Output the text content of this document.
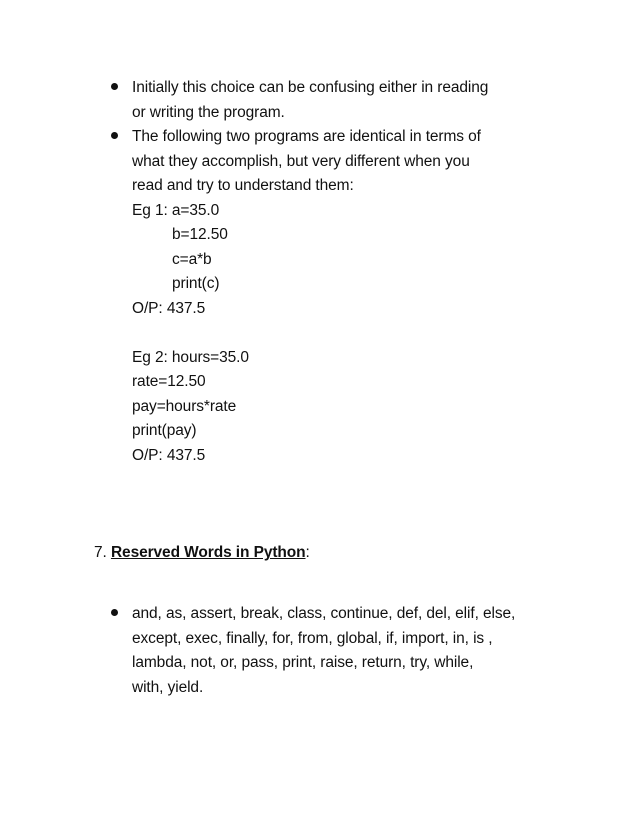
Initially this choice can be confusing either in reading
or writing the program.
The following two programs are identical in terms of
what they accomplish, but very different when you
read and try to understand them:
Eg 1: a=35.0
b=12.50
c=a*b
print(c)
O/P: 437.5
Eg 2: hours=35.0
rate=12.50
pay=hours*rate
print(pay)
O/P: 437.5
7. Reserved Words in Python:
and, as, assert, break, class, continue, def, del, elif, else,
except, exec, finally, for, from, global, if, import, in, is ,
lambda, not, or, pass, print, raise, return, try, while,
with, yield.
